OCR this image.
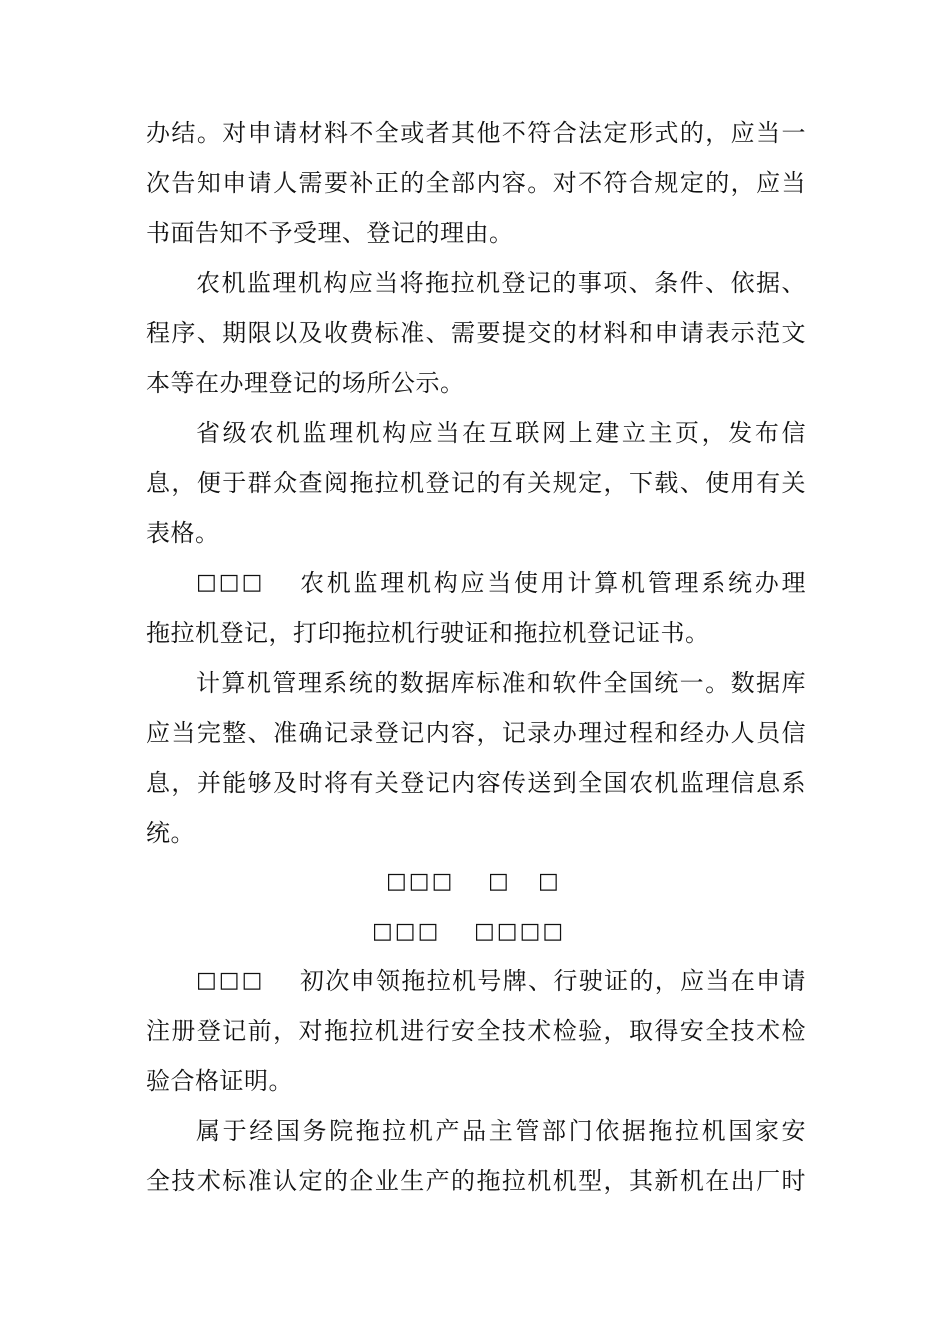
办结。对申请材料不全或者其他不符合法定形式的，应当一
次告知申请人需要补正的全部内容。对不符合规定的，应当
书面告知不予受理、登记的理由。
农机监理机构应当将拖拉机登记的事项、条件、依据、
程序、期限以及收费标准、需要提交的材料和申请表示范文
本等在办理登记的场所公示。
省级农机监理机构应当在互联网上建立主页，发布信
息，便于群众查阅拖拉机登记的有关规定，下载、使用有关
表格。
□□□ 农机监理机构应当使用计算机管理系统办理
拖拉机登记，打印拖拉机行驶证和拖拉机登记证书。
计算机管理系统的数据库标准和软件全国统一。数据库
应当完整、准确记录登记内容，记录办理过程和经办人员信
息，并能够及时将有关登记内容传送到全国农机监理信息系
统。
□□□ □ □
□□□ □□□□
□□□ 初次申领拖拉机号牌、行驶证的，应当在申请
注册登记前，对拖拉机进行安全技术检验，取得安全技术检
验合格证明。
属于经国务院拖拉机产品主管部门依据拖拉机国家安
全技术标准认定的企业生产的拖拉机机型，其新机在出厂时
